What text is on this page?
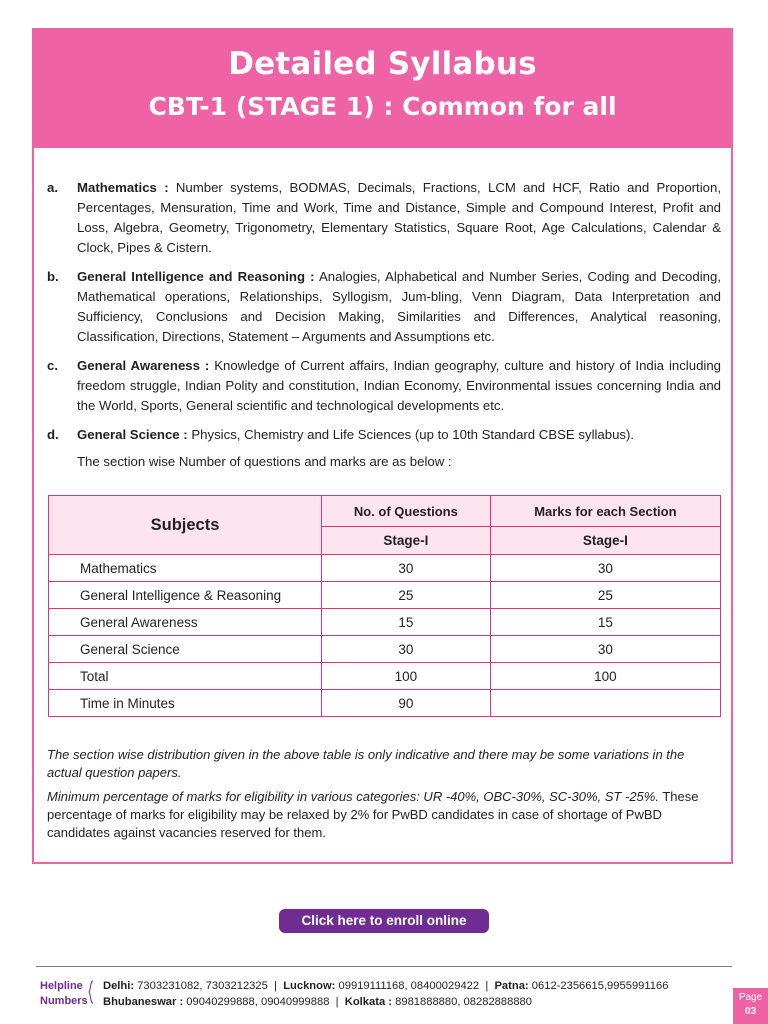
Detailed Syllabus
CBT-1 (STAGE 1) : Common for all
a. Mathematics : Number systems, BODMAS, Decimals, Fractions, LCM and HCF, Ratio and Proportion, Percentages, Mensuration, Time and Work, Time and Distance, Simple and Compound Interest, Profit and Loss, Algebra, Geometry, Trigonometry, Elementary Statistics, Square Root, Age Calculations, Calendar & Clock, Pipes & Cistern.
b. General Intelligence and Reasoning : Analogies, Alphabetical and Number Series, Coding and Decoding, Mathematical operations, Relationships, Syllogism, Jum-bling, Venn Diagram, Data Interpretation and Sufficiency, Conclusions and Decision Making, Similarities and Differences, Analytical reasoning, Classification, Directions, Statement – Arguments and Assumptions etc.
c. General Awareness : Knowledge of Current affairs, Indian geography, culture and history of India including freedom struggle, Indian Polity and constitution, Indian Economy, Environmental issues concerning India and the World, Sports, General scientific and technological developments etc.
d. General Science : Physics, Chemistry and Life Sciences (up to 10th Standard CBSE syllabus).
The section wise Number of questions and marks are as below :
Subjects	No. of Questions	Marks for each Section
	Stage-I	Stage-I
Mathematics	30	30
General Intelligence & Reasoning	25	25
General Awareness	15	15
General Science	30	30
Total	100	100
Time in Minutes	90	

The section wise distribution given in the above table is only indicative and there may be some variations in the actual question papers.

Minimum percentage of marks for eligibility in various categories: UR -40%, OBC-30%, SC-30%, ST -25%. These percentage of marks for eligibility may be relaxed by 2% for PwBD candidates in case of shortage of PwBD candidates against vacancies reserved for them.

Click here to enroll online
Helpline
Numbers
Delhi: 7303231082, 7303212325  |  Lucknow: 09919111168, 08400029422  |  Patna: 0612-2356615,9955991166
Bhubaneswar : 09040299888, 09040999888  |  Kolkata : 8981888880, 08282888880	Page
03
